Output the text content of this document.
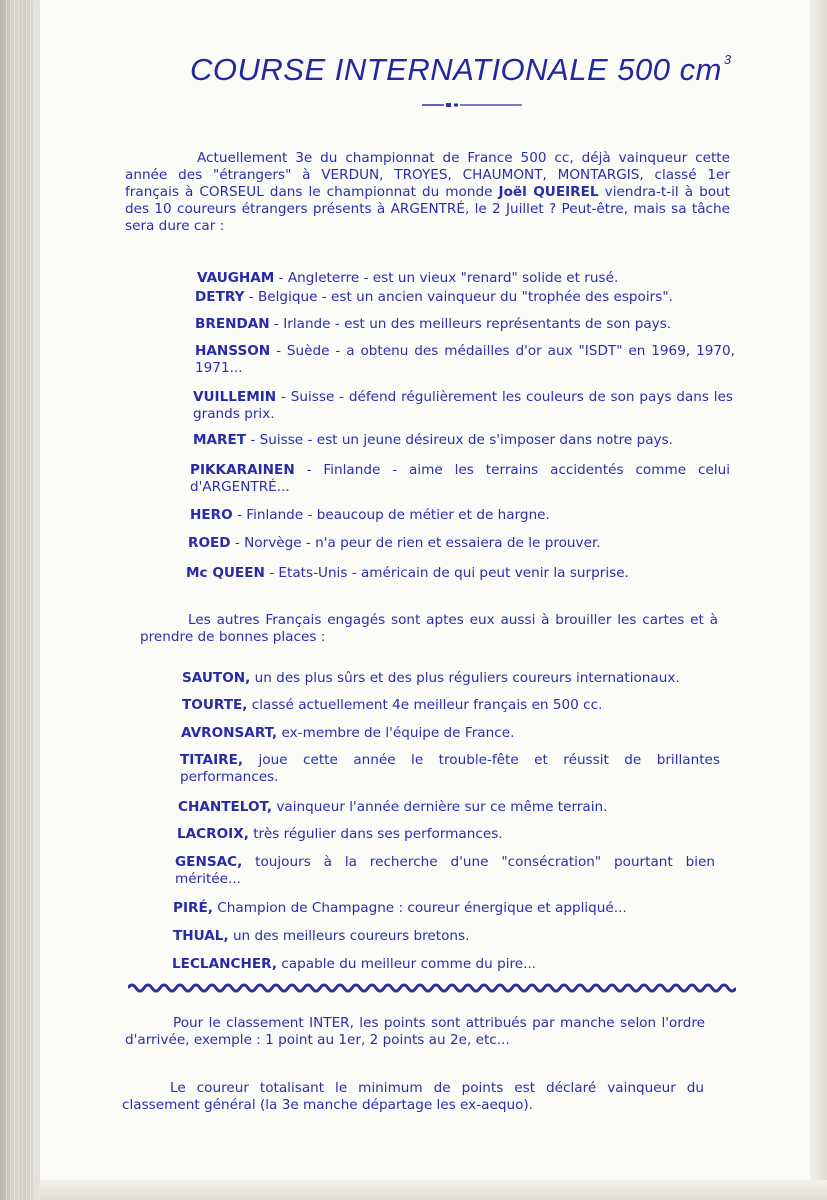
COURSE INTERNATIONALE 500 cm $^3$

Actuellement 3e du championnat de France 500 cc, déjà vainqueur cette année des "étrangers" à VERDUN, TROYES, CHAUMONT, MONTARGIS, classé 1er français à CORSEUL dans le championnat du monde Joël QUEIREL viendra-t-il à bout des 10 coureurs étrangers présents à ARGENTRÉ, le 2 Juillet ? Peut-être, mais sa tâche sera dure car :

VAUGHAM - Angleterre - est un vieux "renard" solide et rusé.

DETRY - Belgique - est un ancien vainqueur du "trophée des espoirs".

BRENDAN - Irlande - est un des meilleurs représentants de son pays.

HANSSON - Suède - a obtenu des médailles d'or aux "ISDT" en 1969, 1970, 1971...

VUILLEMIN - Suisse - défend régulièrement les couleurs de son pays dans les grands prix.

MARET - Suisse - est un jeune désireux de s'imposer dans notre pays.

PIKKARAINEN - Finlande - aime les terrains accidentés comme celui d'ARGENTRÉ...

HERO - Finlande - beaucoup de métier et de hargne.

ROED - Norvège - n'a peur de rien et essaiera de le prouver.

Mc QUEEN - Etats-Unis - américain de qui peut venir la surprise.

Les autres Français engagés sont aptes eux aussi à brouiller les cartes et à prendre de bonnes places :

SAUTON, un des plus sûrs et des plus réguliers coureurs internationaux.

TOURTE, classé actuellement 4e meilleur français en 500 cc.

AVRONSART, ex-membre de l'équipe de France.

TITAIRE, joue cette année le trouble-fête et réussit de brillantes performances.

CHANTELOT, vainqueur l'année dernière sur ce même terrain.

LACROIX, très régulier dans ses performances.

GENSAC, toujours à la recherche d'une "consécration" pourtant bien méritée...

PIRÉ, Champion de Champagne : coureur énergique et appliqué...

THUAL, un des meilleurs coureurs bretons.

LECLANCHER, capable du meilleur comme du pire...

Pour le classement INTER, les points sont attribués par manche selon l'ordre d'arrivée, exemple : 1 point au 1er, 2 points au 2e, etc...

Le coureur totalisant le minimum de points est déclaré vainqueur du classement général (la 3e manche départage les ex-aequo).
